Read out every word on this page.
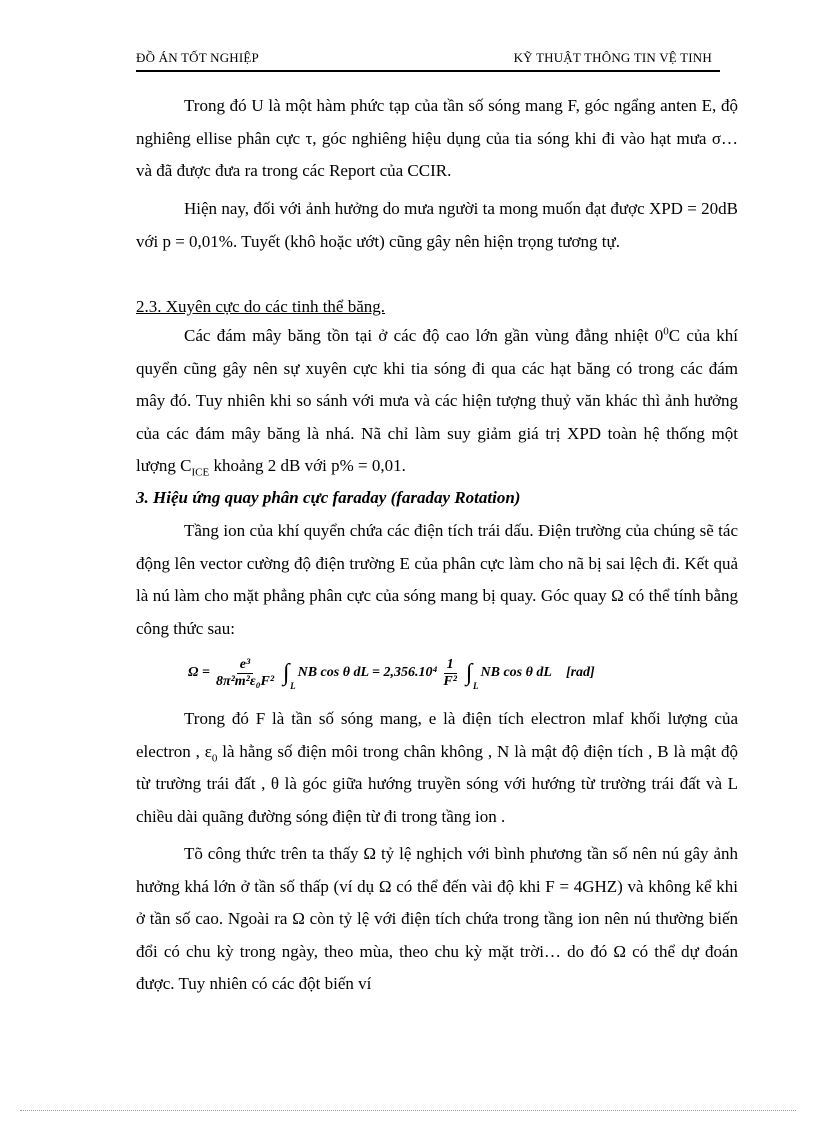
ĐỒ ÁN TỐT NGHIỆP	KỸ THUẬT THÔNG TIN VỆ TINH
Trong đó U là một hàm phức tạp của tần số sóng mang F, góc ngẩng anten E, độ nghiêng ellise phân cực τ, góc nghiêng hiệu dụng của tia sóng khi đi vào hạt mưa σ… và đã được đưa ra trong các Report của CCIR.
Hiện nay, đối với ảnh hưởng do mưa người ta mong muốn đạt được XPD = 20dB với p = 0,01%. Tuyết (khô hoặc ướt) cũng gây nên hiện trọng tương tự.
2.3. Xuyên cực do các tinh thể băng.
Các đám mây băng tồn tại ở các độ cao lớn gần vùng đẳng nhiệt $0^0C$ của khí quyển cũng gây nên sự xuyên cực khi tia sóng đi qua các hạt băng có trong các đám mây đó. Tuy nhiên khi so sánh với mưa và các hiện tượng thuỷ văn khác thì ảnh hưởng của các đám mây băng là nhá. Nã chỉ làm suy giảm giá trị XPD toàn hệ thống một lượng $C_{ICE}$ khoảng 2 dB với p% = 0,01.
3. Hiệu ứng quay phân cực faraday (faraday Rotation)
Tầng ion của khí quyển chứa các điện tích trái dấu. Điện trường của chúng sẽ tác động lên vector cường độ điện trường E của phân cực làm cho nã bị sai lệch đi. Kết quả là nú làm cho mặt phẳng phân cực của sóng mang bị quay. Góc quay Ω có thể tính bằng công thức sau:
$\Omega = \frac{\text{e³}}{\text{8π²m²ε₀F²}}$ ∫ L
NB cos θ dL = $2,356.10^4 \frac{1}{\text{F²}}$ ∫ L
NB cos θ dL [rad]
Trong đó F là tần số sóng mang, e là điện tích electron mlaf khối lượng của electron , $\varepsilon_0$ là hằng số điện môi trong chân không , N là mật độ điện tích , B là mật độ từ trường trái đất , θ là góc giữa hướng truyền sóng với hướng từ trường trái đất và L chiều dài quãng đường sóng điện từ đi trong tầng ion .
Tõ công thức trên ta thấy Ω tỷ lệ nghịch với bình phương tần số nên nú gây ảnh hưởng khá lớn ở tần số thấp (ví dụ Ω có thể đến vài độ khi F = 4GHZ) và không kể khi ở tần số cao. Ngoài ra Ω còn tỷ lệ với điện tích chứa trong tầng ion nên nú thường biến đổi có chu kỳ trong ngày, theo mùa, theo chu kỳ mặt trời… do đó Ω có thể dự đoán được. Tuy nhiên có các đột biến ví
